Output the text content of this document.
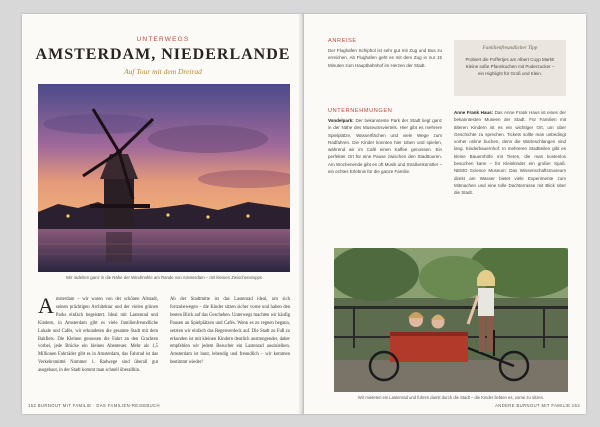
UNTERWEGS
AMSTERDAM, NIEDERLANDE
Auf Tour mit dem Dreirad
Wir radelten ganz in die Nähe der Windmühle am Rande von Amsterdam – mit kleinen Zwischenstopps
Amsterdam – wir waren von der schönen Altstadt, seinen prächtigen Architektur und der vielen grünen Parks einfach begeistert. Ideal mit Lastenrad und Kindern, in Amsterdam gibt es viele familienfreundliche Lokale und Cafés, wir erkundeten die gesamte Stadt mit dem Bakfiets. Die Kleinen genossen die Fahrt an den Grachten vorbei, jede Brücke ein kleines Abenteuer. Mehr als 1,5 Millionen Fahrräder gibt es in Amsterdam, das Fahrrad ist das Verkehrsmittel Nummer 1. Radwege sind überall gut ausgebaut, in der Stadt kommt man schnell überallhin.
Ab der Stadtmitte ist das Lastenrad ideal, um sich fortzubewegen – die Kinder sitzen sicher vorne und haben den besten Blick auf das Geschehen. Unterwegs machten wir häufig Pausen an Spielplätzen und Cafés. Wenn es zu regnen begann, setzten wir einfach das Regenverdeck auf. Die Stadt zu Fuß zu erkunden ist mit kleinen Kindern deutlich anstrengender, daher empfehlen wir jedem Besucher ein Lastenrad auszuleihen. Amsterdam ist bunt, lebendig und freundlich – wir kommen bestimmt wieder!
152 BURNOUT MIT FAMILIE · DAS FAMILIEN-REISEBUCH
ANREISE
Der Flughafen Schiphol ist sehr gut mit Zug und Bus zu erreichen. Ab Flughafen geht es mit dem Zug in nur 15 Minuten zum Hauptbahnhof im Herzen der Stadt.
UNTERNEHMUNGEN
Vondelpark: Der bekannteste Park der Stadt liegt ganz in der Nähe des Museumsviertels. Hier gibt es mehrere Spielplätze, Wasserflächen und viele Wege zum Radfahren. Die Kinder konnten hier toben und spielen, während wir im Café einen Kaffee genossen. Ein perfekter Ort für eine Pause zwischen den Stadttouren. Am Wochenende gibt es oft Musik und Straßenkünstler – ein echtes Erlebnis für die ganze Familie.
Familienfreundlicher Tipp
Probiert die Poffertjes am Albert Cuyp Markt! Kleine süße Pfannkuchen mit Puderzucker – ein Highlight für Groß und Klein.
Anne Frank Haus: Das Anne Frank Haus ist eines der bekanntesten Museen der Stadt. Für Familien mit älteren Kindern ist es ein wichtiger Ort, um über Geschichte zu sprechen. Tickets sollte man unbedingt vorher online buchen, denn die Warteschlangen sind lang. Kinderbauernhof: In mehreren Stadtteilen gibt es kleine Bauernhöfe mit Tieren, die man kostenlos besuchen kann – für Kleinkinder ein großer Spaß. NEMO Science Museum: Das Wissenschaftsmuseum direkt am Wasser bietet viele Experimente zum Mitmachen und eine tolle Dachterrasse mit Blick über die Stadt.
Wir mieteten ein Lastenrad und fuhren damit durch die Stadt – die Kinder liebten es, vorne zu sitzen.
ANDERE BURNOUT MIT FAMILIE 153
